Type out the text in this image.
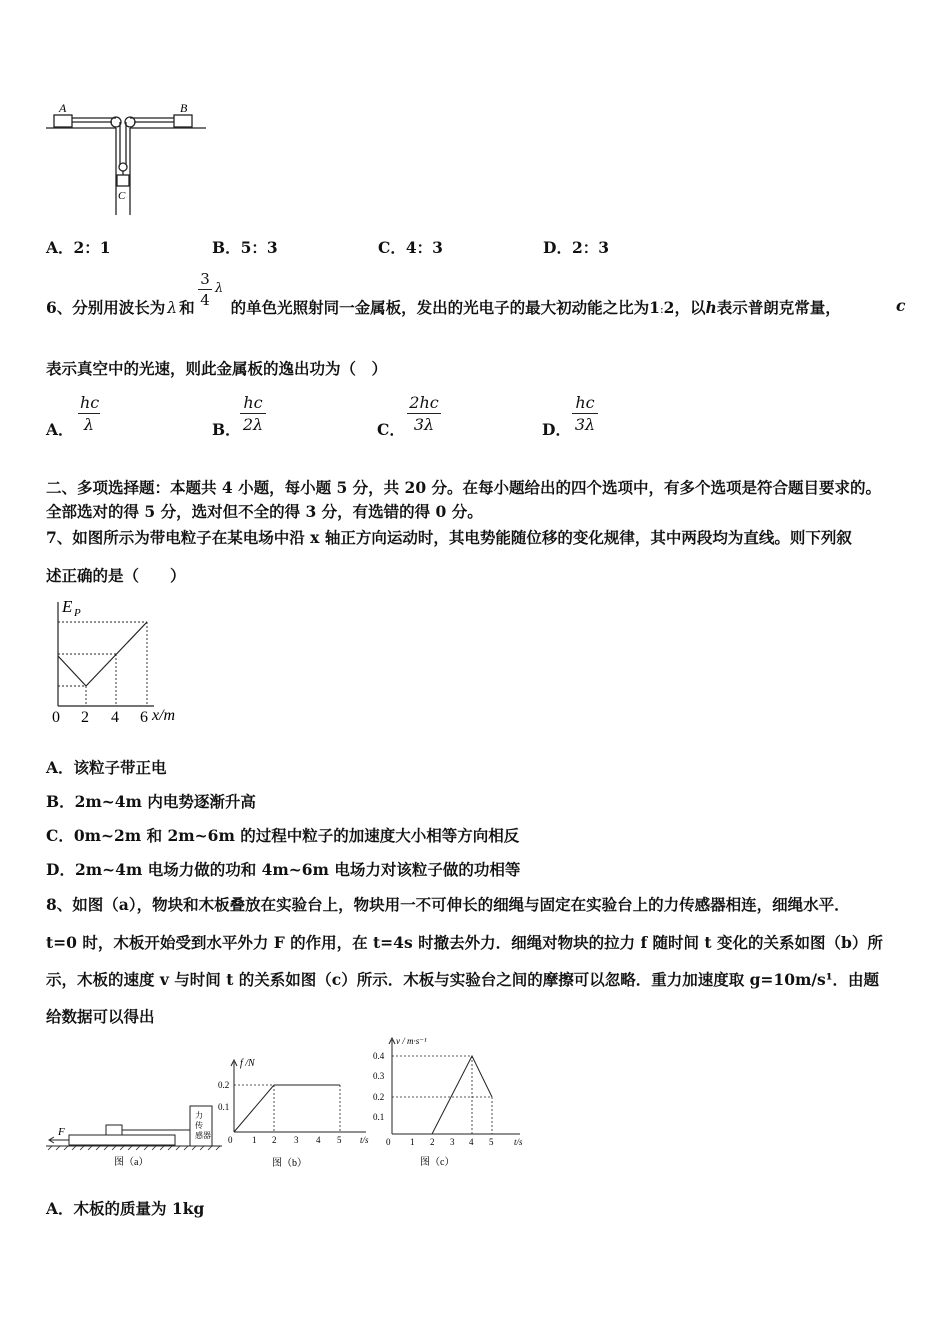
A	B
C
A．2：1	B．5：3	C．4：3	D．2：3
6、分别用波长为 λ 和 的单色光照射同一金属板，发出的光电子的最大初动能之比为1:2，以h表示普朗克常量，	c
3
4
λ
表示真空中的光速，则此金属板的逸出功为（　）
A．
hc
λ	B．
hc
2λ	C．
2hc
3λ	D．
hc
3λ
二、多项选择题：本题共 4 小题，每小题 5 分，共 20 分。在每小题给出的四个选项中，有多个选项是符合题目要求的。
全部选对的得 5 分，选对但不全的得 3 分，有选错的得 0 分。
7、如图所示为带电粒子在某电场中沿 x 轴正方向运动时，其电势能随位移的变化规律，其中两段均为直线。则下列叙
述正确的是（　　）
E P
0 2 4 6 x/m
A．该粒子带正电
B．2m~4m 内电势逐渐升高
C．0m~2m 和 2m~6m 的过程中粒子的加速度大小相等方向相反
D．2m~4m 电场力做的功和 4m~6m 电场力对该粒子做的功相等
8、如图（a），物块和木板叠放在实验台上，物块用一不可伸长的细绳与固定在实验台上的力传感器相连，细绳水平．
t=0 时，木板开始受到水平外力 F 的作用，在 t=4s 时撤去外力．细绳对物块的拉力 f 随时间 t 变化的关系如图（b）所
示，木板的速度 v 与时间 t 的关系如图（c）所示．木板与实验台之间的摩擦可以忽略．重力加速度取 g=10m/s¹．由题
给数据可以得出
F
力
传
感器
图（a）
f /N
0.2
0.1
0 1 2 3 4 5 t/s
图（b）
v / m·s⁻¹
0.4
0.3
0.2
0.1
0 1 2 3 4 5 t/s
图（c）
A．木板的质量为 1kg
